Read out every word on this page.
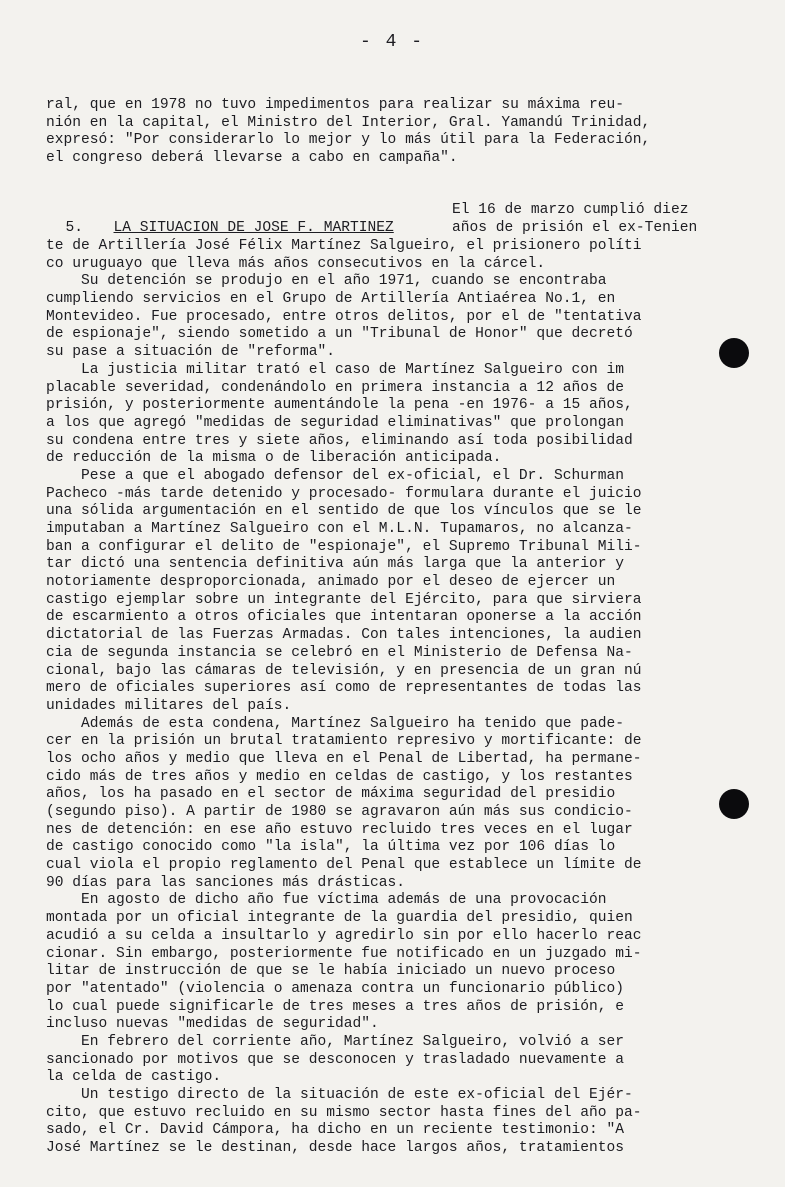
- 4 -
ral, que en 1978 no tuvo impedimentos para realizar su máxima reu-
nión en la capital, el Ministro del Interior, Gral. Yamandú Trinidad,
expresó: "Por considerarlo lo mejor y lo más útil para la Federación,
el congreso deberá llevarse a cabo en campaña".

5. LA SITUACION DE JOSE F. MARTINEZ
El 16 de marzo cumplió diez

años de prisión el ex-Tenien
te de Artillería José Félix Martínez Salgueiro, el prisionero políti
co uruguayo que lleva más años consecutivos en la cárcel.
Su detención se produjo en el año 1971, cuando se encontraba
cumpliendo servicios en el Grupo de Artillería Antiaérea No.1, en
Montevideo. Fue procesado, entre otros delitos, por el de "tentativa
de espionaje", siendo sometido a un "Tribunal de Honor" que decretó
su pase a situación de "reforma".
La justicia militar trató el caso de Martínez Salgueiro con im
placable severidad, condenándolo en primera instancia a 12 años de
prisión, y posteriormente aumentándole la pena -en 1976- a 15 años,
a los que agregó "medidas de seguridad eliminativas" que prolongan
su condena entre tres y siete años, eliminando así toda posibilidad
de reducción de la misma o de liberación anticipada.
Pese a que el abogado defensor del ex-oficial, el Dr. Schurman
Pacheco -más tarde detenido y procesado- formulara durante el juicio
una sólida argumentación en el sentido de que los vínculos que se le
imputaban a Martínez Salgueiro con el M.L.N. Tupamaros, no alcanza-
ban a configurar el delito de "espionaje", el Supremo Tribunal Mili-
tar dictó una sentencia definitiva aún más larga que la anterior y
notoriamente desproporcionada, animado por el deseo de ejercer un
castigo ejemplar sobre un integrante del Ejército, para que sirviera
de escarmiento a otros oficiales que intentaran oponerse a la acción
dictatorial de las Fuerzas Armadas. Con tales intenciones, la audien
cia de segunda instancia se celebró en el Ministerio de Defensa Na-
cional, bajo las cámaras de televisión, y en presencia de un gran nú
mero de oficiales superiores así como de representantes de todas las
unidades militares del país.
Además de esta condena, Martínez Salgueiro ha tenido que pade-
cer en la prisión un brutal tratamiento represivo y mortificante: de
los ocho años y medio que lleva en el Penal de Libertad, ha permane-
cido más de tres años y medio en celdas de castigo, y los restantes
años, los ha pasado en el sector de máxima seguridad del presidio
(segundo piso). A partir de 1980 se agravaron aún más sus condicio-
nes de detención: en ese año estuvo recluido tres veces en el lugar
de castigo conocido como "la isla", la última vez por 106 días lo
cual viola el propio reglamento del Penal que establece un límite de
90 días para las sanciones más drásticas.
En agosto de dicho año fue víctima además de una provocación
montada por un oficial integrante de la guardia del presidio, quien
acudió a su celda a insultarlo y agredirlo sin por ello hacerlo reac
cionar. Sin embargo, posteriormente fue notificado en un juzgado mi-
litar de instrucción de que se le había iniciado un nuevo proceso
por "atentado" (violencia o amenaza contra un funcionario público)
lo cual puede significarle de tres meses a tres años de prisión, e
incluso nuevas "medidas de seguridad".
En febrero del corriente año, Martínez Salgueiro, volvió a ser
sancionado por motivos que se desconocen y trasladado nuevamente a
la celda de castigo.
Un testigo directo de la situación de este ex-oficial del Ejér-
cito, que estuvo recluido en su mismo sector hasta fines del año pa-
sado, el Cr. David Cámpora, ha dicho en un reciente testimonio: "A
José Martínez se le destinan, desde hace largos años, tratamientos
